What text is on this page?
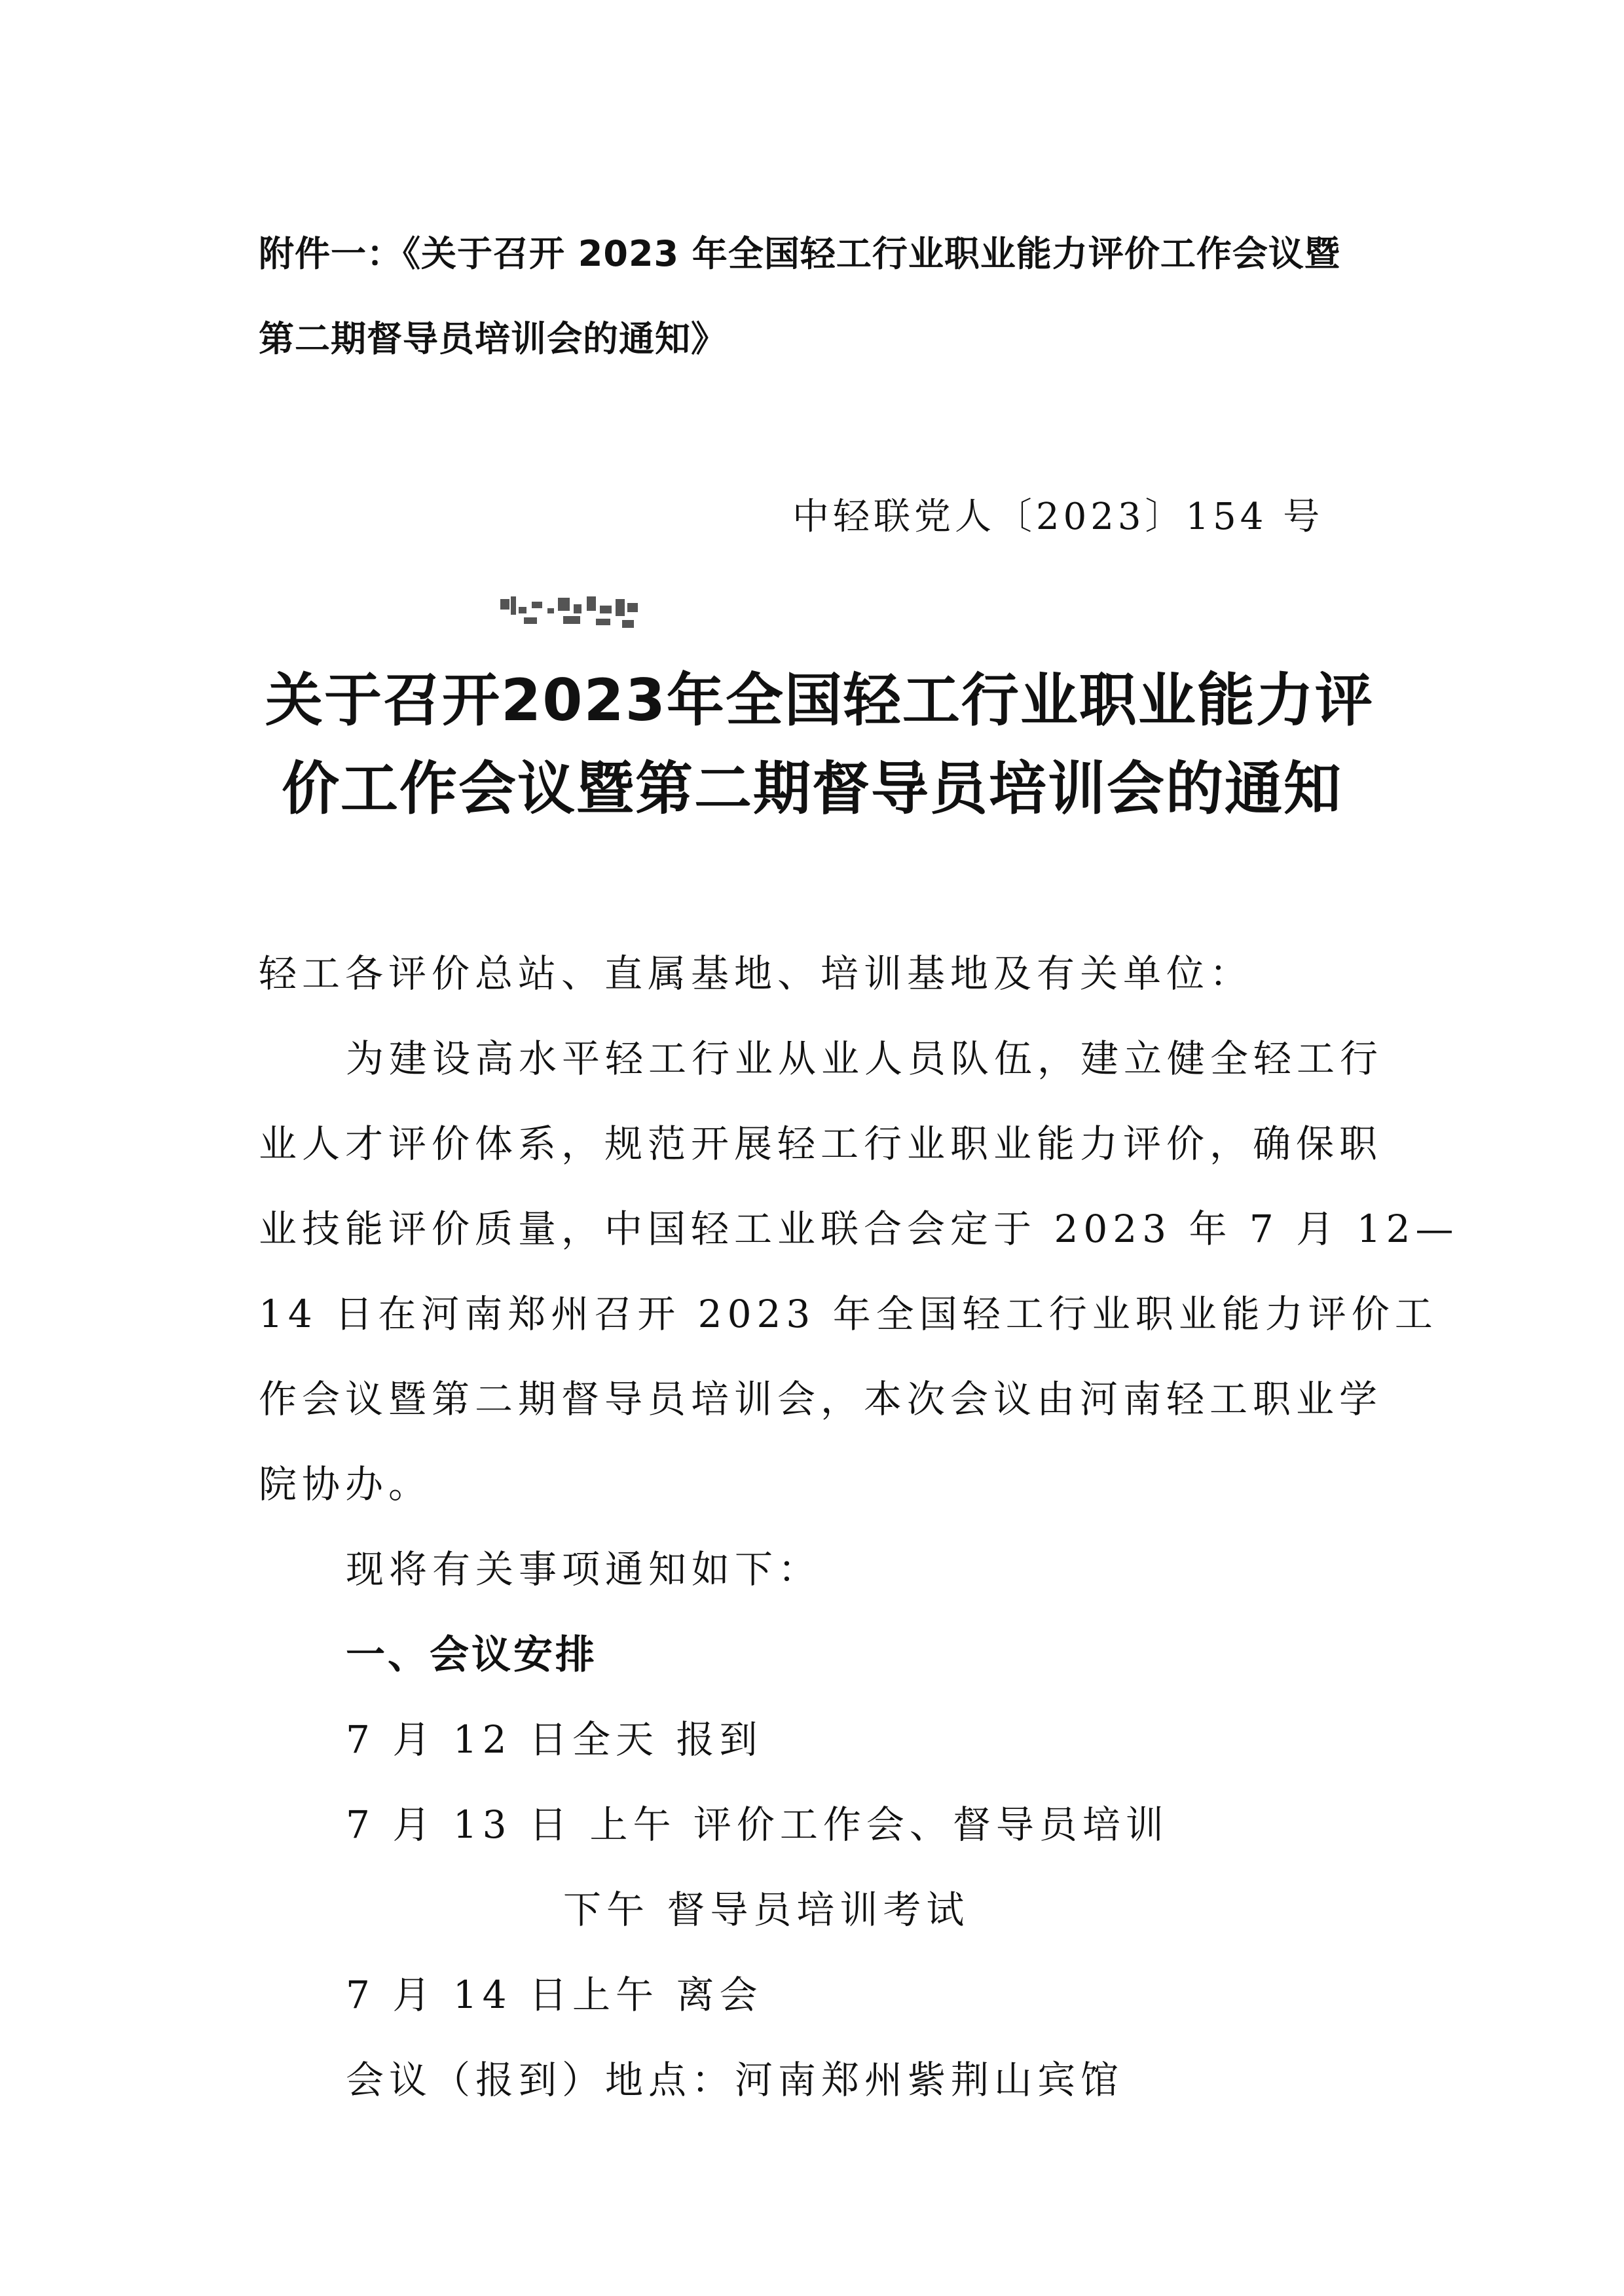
附件一：《关于召开 2023 年全国轻工行业职业能力评价工作会议暨

第二期督导员培训会的通知》

中轻联党人〔2023〕154 号

关于召开2023年全国轻工行业职业能力评

价工作会议暨第二期督导员培训会的通知

轻工各评价总站、直属基地、培训基地及有关单位：

为建设高水平轻工行业从业人员队伍，建立健全轻工行

业人才评价体系，规范开展轻工行业职业能力评价，确保职

业技能评价质量，中国轻工业联合会定于 2023 年 7 月 12—

14 日在河南郑州召开 2023 年全国轻工行业职业能力评价工

作会议暨第二期督导员培训会，本次会议由河南轻工职业学

院协办。

现将有关事项通知如下：

一、会议安排

7 月 12 日全天 报到

7 月 13 日 上午 评价工作会、督导员培训

下午 督导员培训考试

7 月 14 日上午 离会

会议（报到）地点：河南郑州紫荆山宾馆
